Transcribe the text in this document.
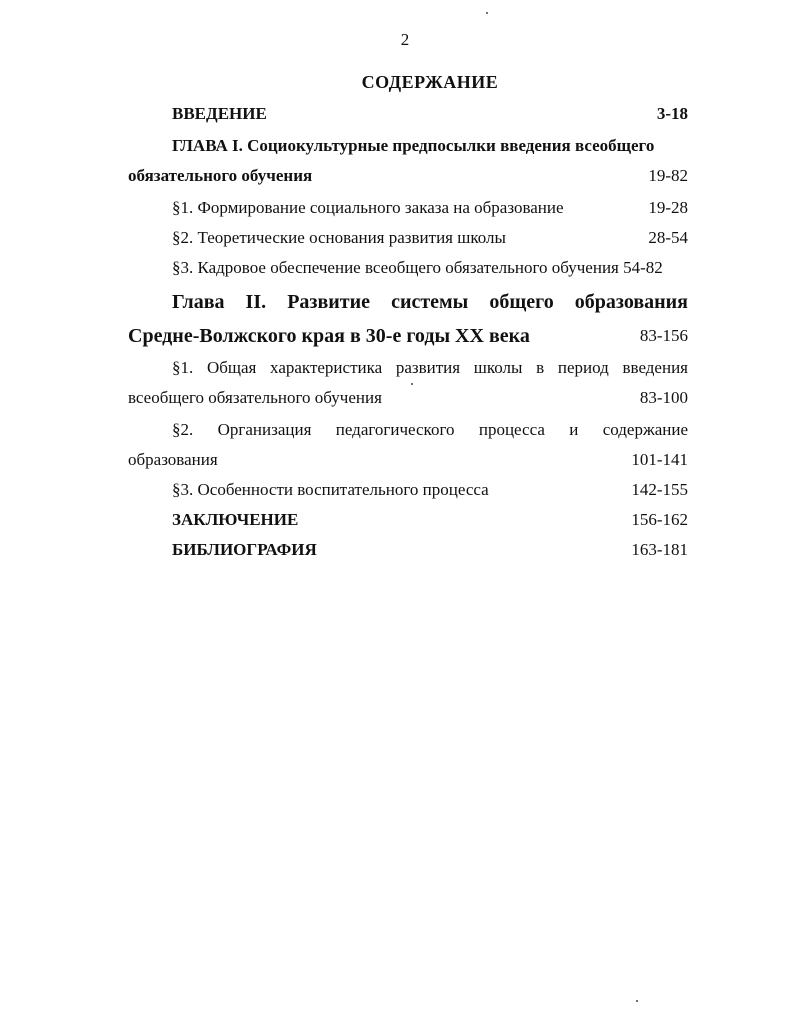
2
СОДЕРЖАНИЕ
ВВЕДЕНИЕ	3-18
ГЛАВА I. Социокультурные предпосылки введения всеобщего
обязательного обучения	19-82
§1. Формирование социального заказа на образование	19-28
§2. Теоретические основания развития школы	28-54
§3. Кадровое обеспечение всеобщего обязательного обучения 54-82
Глава II. Развитие системы общего образования
Средне-Волжского края в 30-е годы XX века	83-156
§1. Общая характеристика развития школы в период введения
всеобщего обязательного обучения	83-100
§2. Организация педагогического процесса и содержание
образования	101-141
§3. Особенности воспитательного процесса	142-155
ЗАКЛЮЧЕНИЕ	156-162
БИБЛИОГРАФИЯ	163-181
